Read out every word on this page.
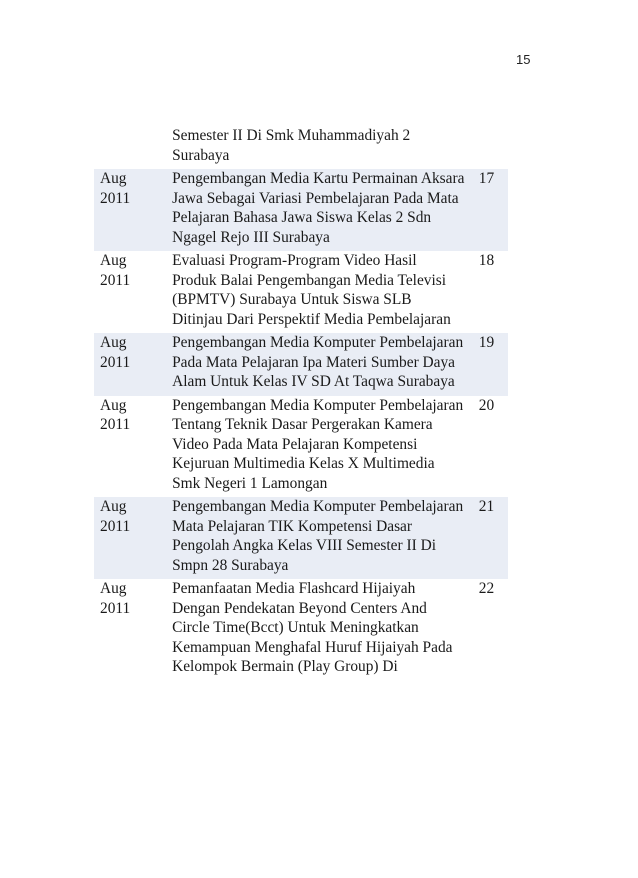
15
	Semester II Di Smk Muhammadiyah 2 Surabaya	

Aug
2011	Pengembangan Media Kartu Permainan Aksara Jawa Sebagai Variasi Pembelajaran Pada Mata Pelajaran Bahasa Jawa Siswa Kelas 2 Sdn Ngagel Rejo III Surabaya	17

Aug
2011	Evaluasi Program-Program Video Hasil Produk Balai Pengembangan Media Televisi (BPMTV) Surabaya Untuk Siswa SLB Ditinjau Dari Perspektif Media Pembelajaran	18

Aug
2011	Pengembangan Media Komputer Pembelajaran Pada Mata Pelajaran Ipa Materi Sumber Daya Alam Untuk Kelas IV SD At Taqwa Surabaya	19

Aug
2011	Pengembangan Media Komputer Pembelajaran Tentang Teknik Dasar Pergerakan Kamera Video Pada Mata Pelajaran Kompetensi Kejuruan Multimedia Kelas X Multimedia Smk Negeri 1 Lamongan	20

Aug
2011	Pengembangan Media Komputer Pembelajaran Mata Pelajaran TIK Kompetensi Dasar Pengolah Angka Kelas VIII Semester II Di Smpn 28 Surabaya	21

Aug
2011	Pemanfaatan Media Flashcard Hijaiyah Dengan Pendekatan Beyond Centers And Circle Time(Bcct) Untuk Meningkatkan Kemampuan Menghafal Huruf Hijaiyah Pada Kelompok Bermain (Play Group) Di	22
